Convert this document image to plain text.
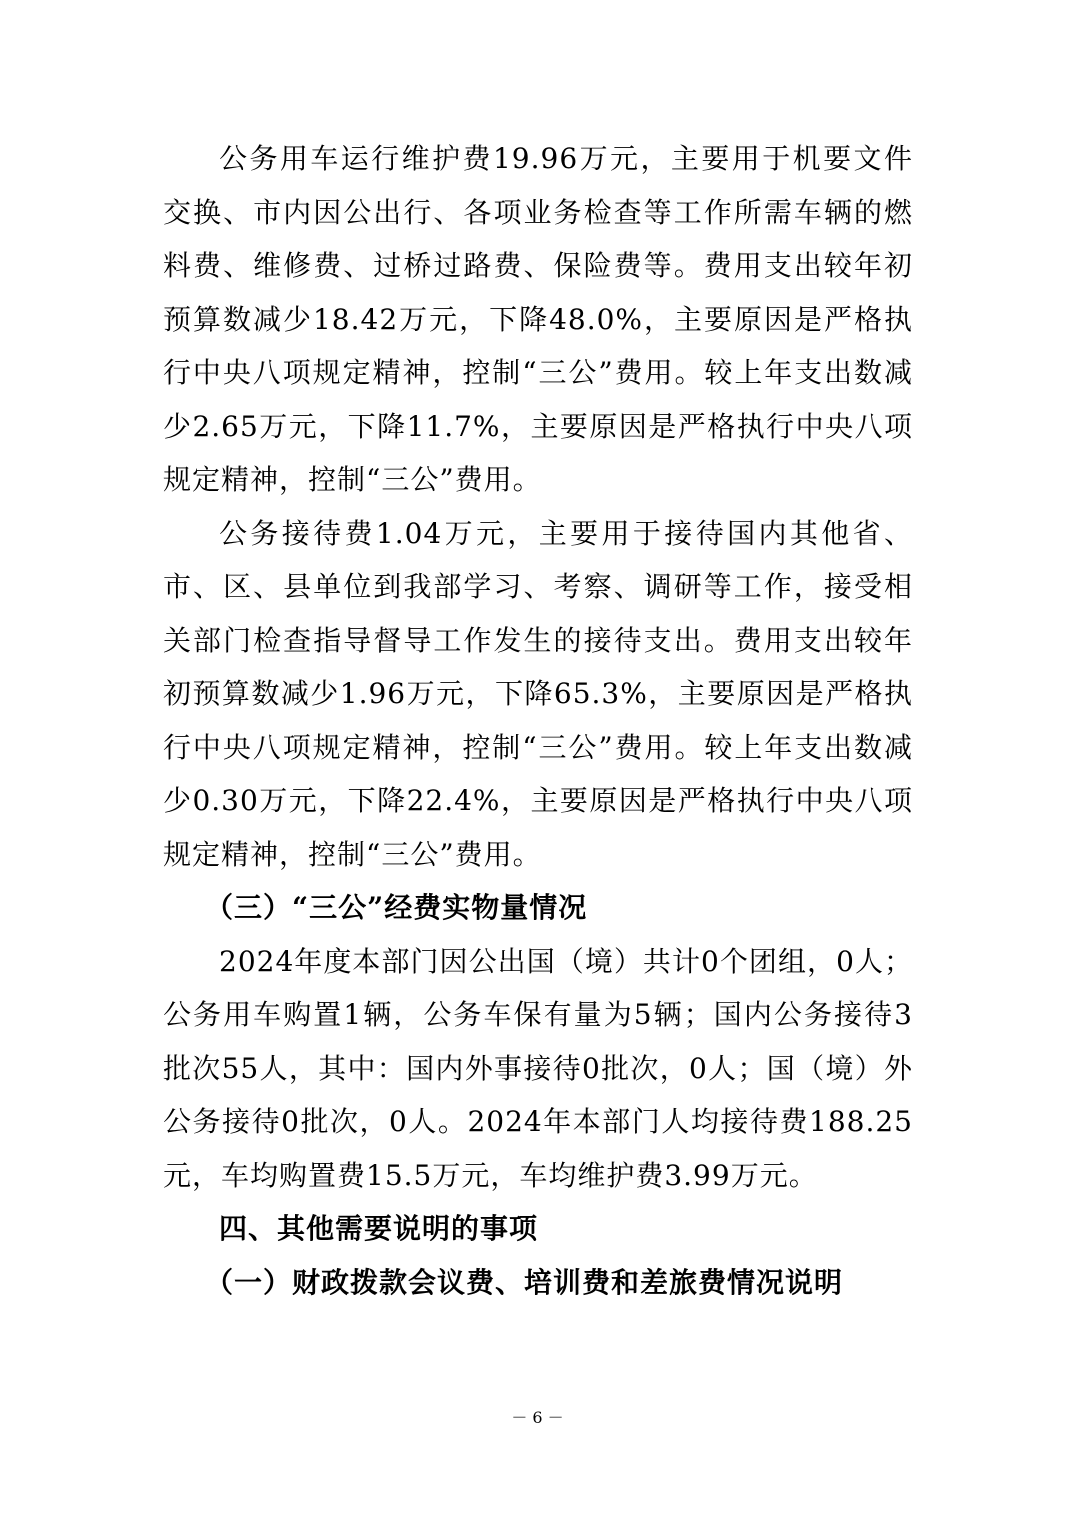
公务用车运行维护费19.96万元，主要用于机要文件交换、市内因公出行、各项业务检查等工作所需车辆的燃料费、维修费、过桥过路费、保险费等。费用支出较年初预算数减少18.42万元，下降48.0%，主要原因是严格执行中央八项规定精神，控制“三公”费用。较上年支出数减少2.65万元，下降11.7%，主要原因是严格执行中央八项规定精神，控制“三公”费用。

公务接待费1.04万元，主要用于接待国内其他省、市、区、县单位到我部学习、考察、调研等工作，接受相关部门检查指导督导工作发生的接待支出。费用支出较年初预算数减少1.96万元，下降65.3%，主要原因是严格执行中央八项规定精神，控制“三公”费用。较上年支出数减少0.30万元，下降22.4%，主要原因是严格执行中央八项规定精神，控制“三公”费用。

（三）“三公”经费实物量情况

2024年度本部门因公出国（境）共计0个团组，0人；公务用车购置1辆，公务车保有量为5辆；国内公务接待3批次55人，其中：国内外事接待0批次，0人；国（境）外公务接待0批次，0人。2024年本部门人均接待费188.25元，车均购置费15.5万元，车均维护费3.99万元。

四、其他需要说明的事项

（一）财政拨款会议费、培训费和差旅费情况说明

－ 6 －
